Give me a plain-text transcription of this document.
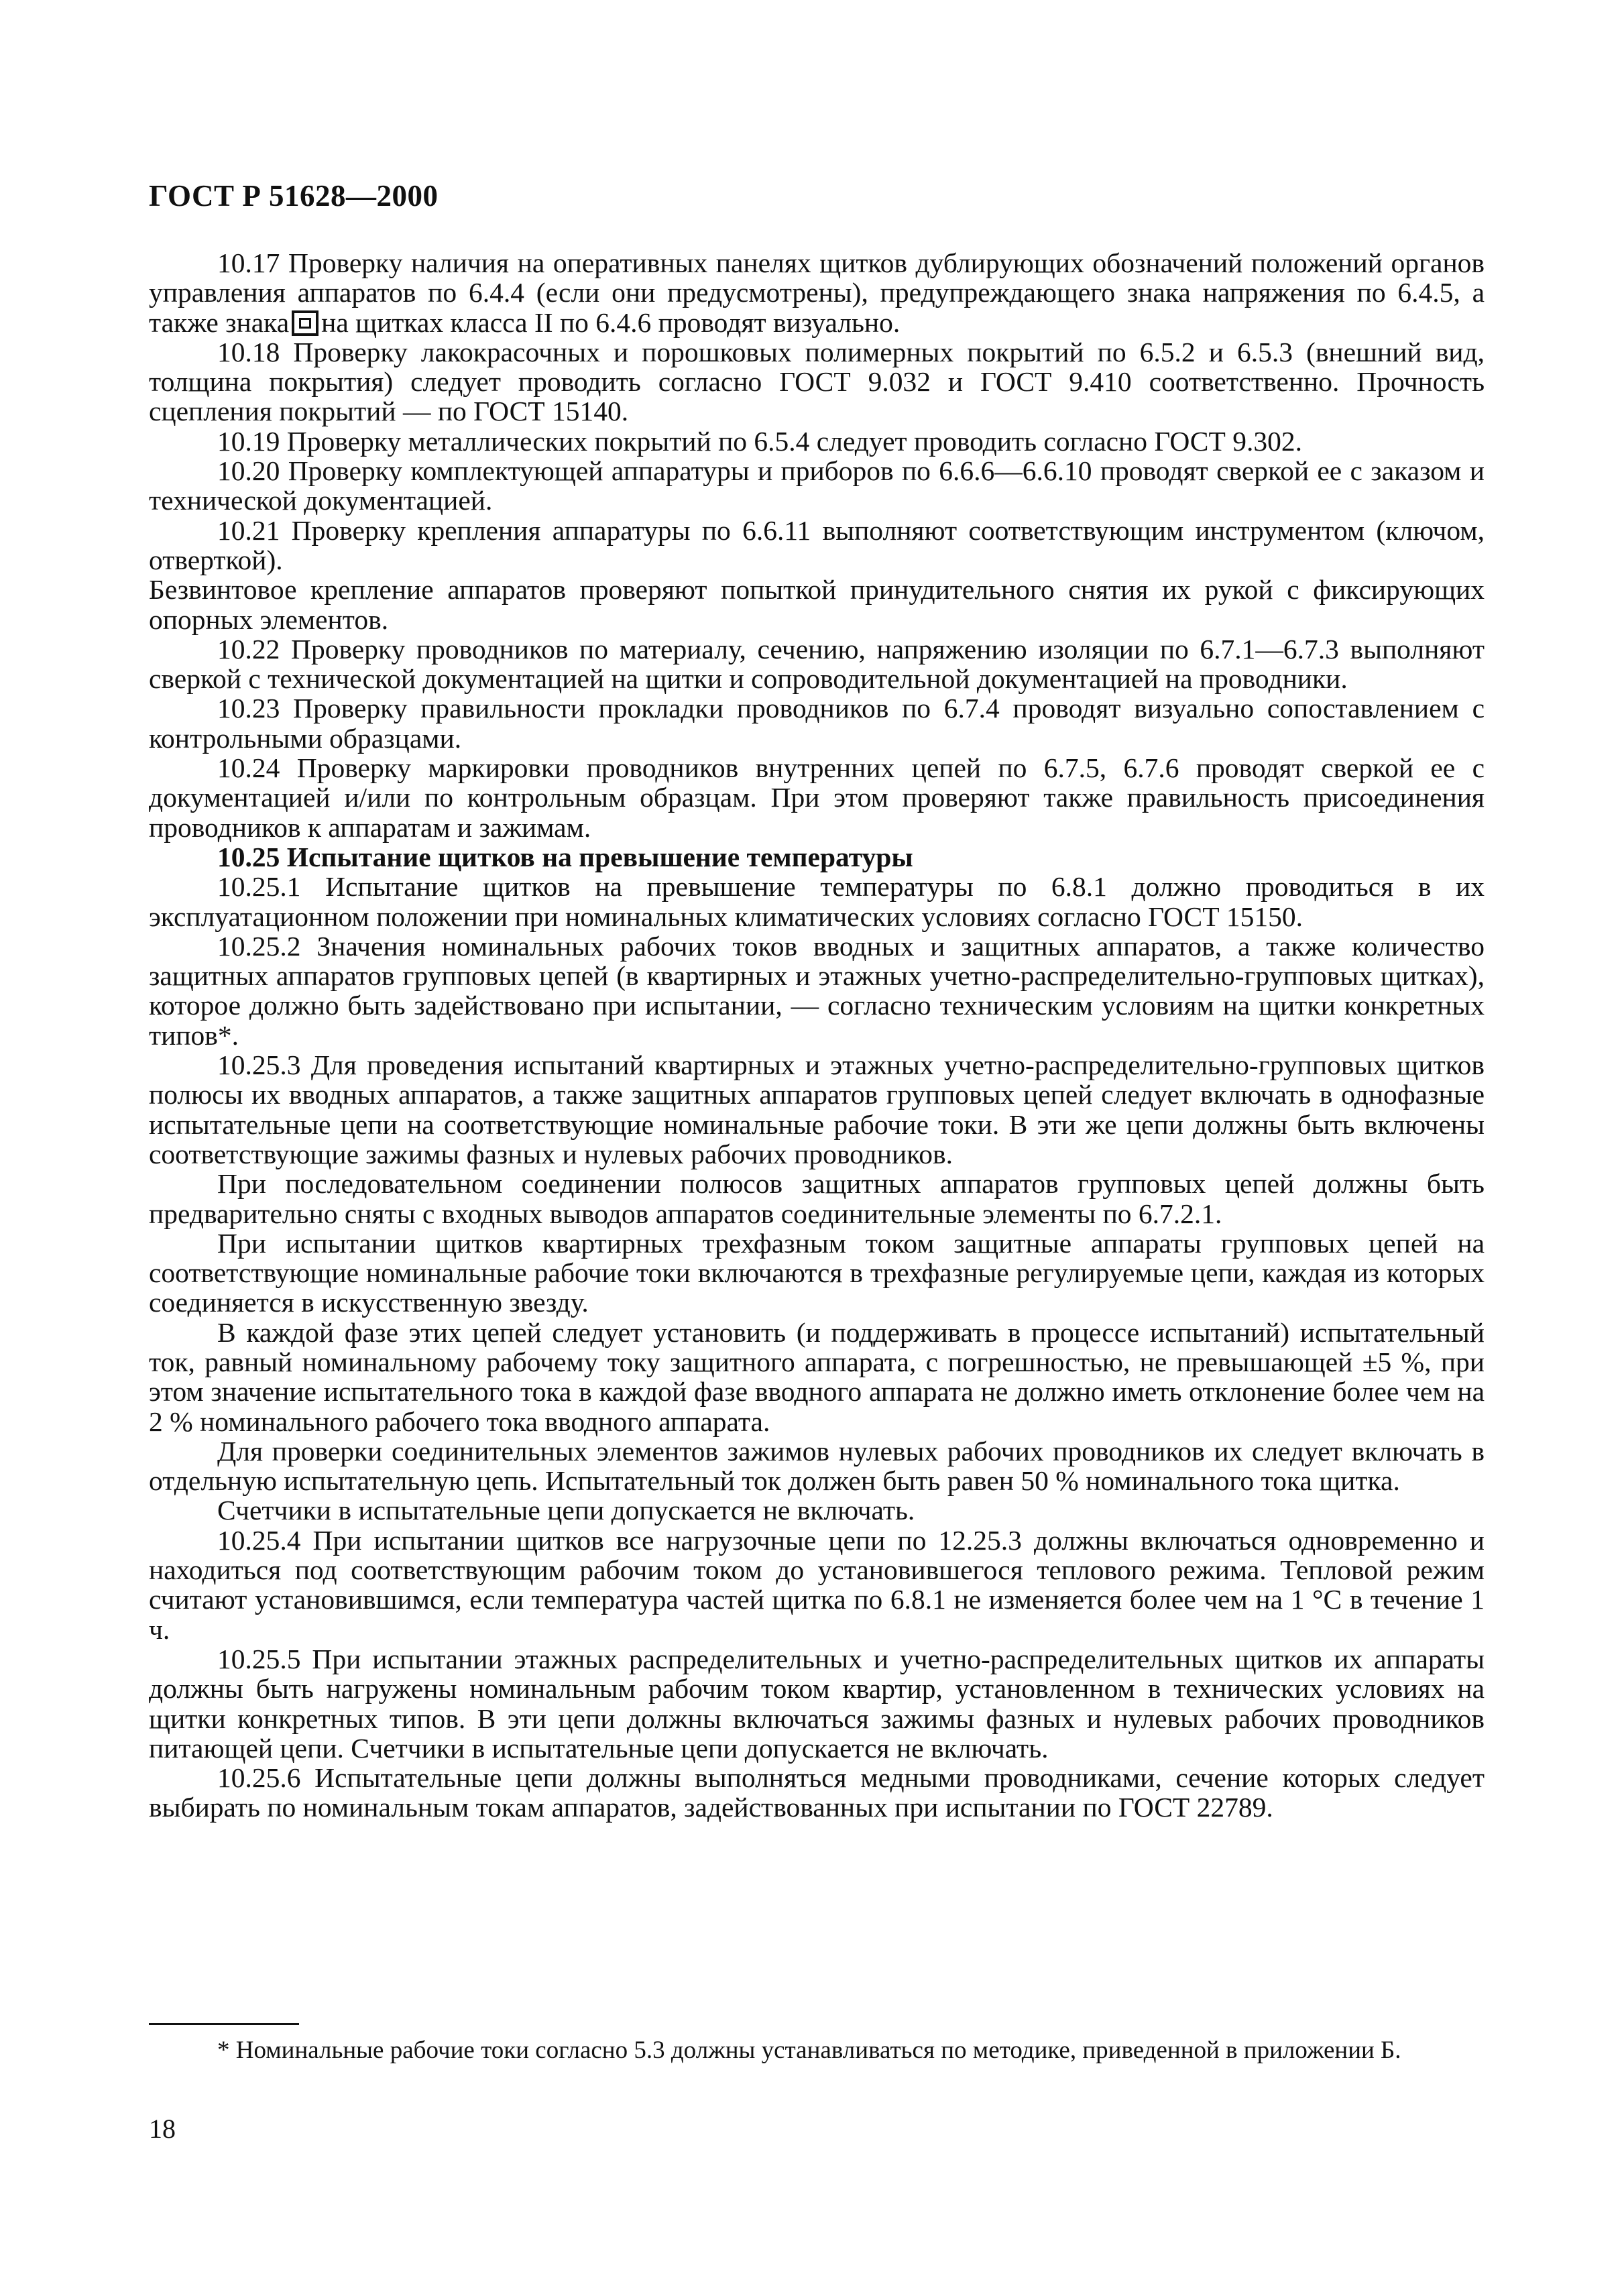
ГОСТ Р 51628—2000

10.17 Проверку наличия на оперативных панелях щитков дублирующих обозначений положений органов управления аппаратов по 6.4.4 (если они предусмотрены), предупреждающего знака напряжения по 6.4.5, а также знака на щитках класса II по 6.4.6 проводят визуально.

10.18 Проверку лакокрасочных и порошковых полимерных покрытий по 6.5.2 и 6.5.3 (внешний вид, толщина покрытия) следует проводить согласно ГОСТ 9.032 и ГОСТ 9.410 соответственно. Прочность сцепления покрытий — по ГОСТ 15140.

10.19 Проверку металлических покрытий по 6.5.4 следует проводить согласно ГОСТ 9.302.

10.20 Проверку комплектующей аппаратуры и приборов по 6.6.6—6.6.10 проводят сверкой ее с заказом и технической документацией.

10.21 Проверку крепления аппаратуры по 6.6.11 выполняют соответствующим инструментом (ключом, отверткой).

Безвинтовое крепление аппаратов проверяют попыткой принудительного снятия их рукой с фиксирующих опорных элементов.

10.22 Проверку проводников по материалу, сечению, напряжению изоляции по 6.7.1—6.7.3 выполняют сверкой с технической документацией на щитки и сопроводительной документацией на проводники.

10.23 Проверку правильности прокладки проводников по 6.7.4 проводят визуально сопоставлением с контрольными образцами.

10.24 Проверку маркировки проводников внутренних цепей по 6.7.5, 6.7.6 проводят сверкой ее с документацией и/или по контрольным образцам. При этом проверяют также правильность присоединения проводников к аппаратам и зажимам.

10.25 Испытание щитков на превышение температуры

10.25.1 Испытание щитков на превышение температуры по 6.8.1 должно проводиться в их эксплуатационном положении при номинальных климатических условиях согласно ГОСТ 15150.

10.25.2 Значения номинальных рабочих токов вводных и защитных аппаратов, а также количество защитных аппаратов групповых цепей (в квартирных и этажных учетно-распределительно-групповых щитках), которое должно быть задействовано при испытании, — согласно техническим условиям на щитки конкретных типов*.

10.25.3 Для проведения испытаний квартирных и этажных учетно-распределительно-групповых щитков полюсы их вводных аппаратов, а также защитных аппаратов групповых цепей следует включать в однофазные испытательные цепи на соответствующие номинальные рабочие токи. В эти же цепи должны быть включены соответствующие зажимы фазных и нулевых рабочих проводников.

При последовательном соединении полюсов защитных аппаратов групповых цепей должны быть предварительно сняты с входных выводов аппаратов соединительные элементы по 6.7.2.1.

При испытании щитков квартирных трехфазным током защитные аппараты групповых цепей на соответствующие номинальные рабочие токи включаются в трехфазные регулируемые цепи, каждая из которых соединяется в искусственную звезду.

В каждой фазе этих цепей следует установить (и поддерживать в процессе испытаний) испытательный ток, равный номинальному рабочему току защитного аппарата, с погрешностью, не превышающей ±5 %, при этом значение испытательного тока в каждой фазе вводного аппарата не должно иметь отклонение более чем на 2 % номинального рабочего тока вводного аппарата.

Для проверки соединительных элементов зажимов нулевых рабочих проводников их следует включать в отдельную испытательную цепь. Испытательный ток должен быть равен 50 % номинального тока щитка.

Счетчики в испытательные цепи допускается не включать.

10.25.4 При испытании щитков все нагрузочные цепи по 12.25.3 должны включаться одновременно и находиться под соответствующим рабочим током до установившегося теплового режима. Тепловой режим считают установившимся, если температура частей щитка по 6.8.1 не изменяется более чем на 1 °С в течение 1 ч.

10.25.5 При испытании этажных распределительных и учетно-распределительных щитков их аппараты должны быть нагружены номинальным рабочим током квартир, установленном в технических условиях на щитки конкретных типов. В эти цепи должны включаться зажимы фазных и нулевых рабочих проводников питающей цепи. Счетчики в испытательные цепи допускается не включать.

10.25.6 Испытательные цепи должны выполняться медными проводниками, сечение которых следует выбирать по номинальным токам аппаратов, задействованных при испытании по ГОСТ 22789.

* Номинальные рабочие токи согласно 5.3 должны устанавливаться по методике, приведенной в приложении Б.

18
